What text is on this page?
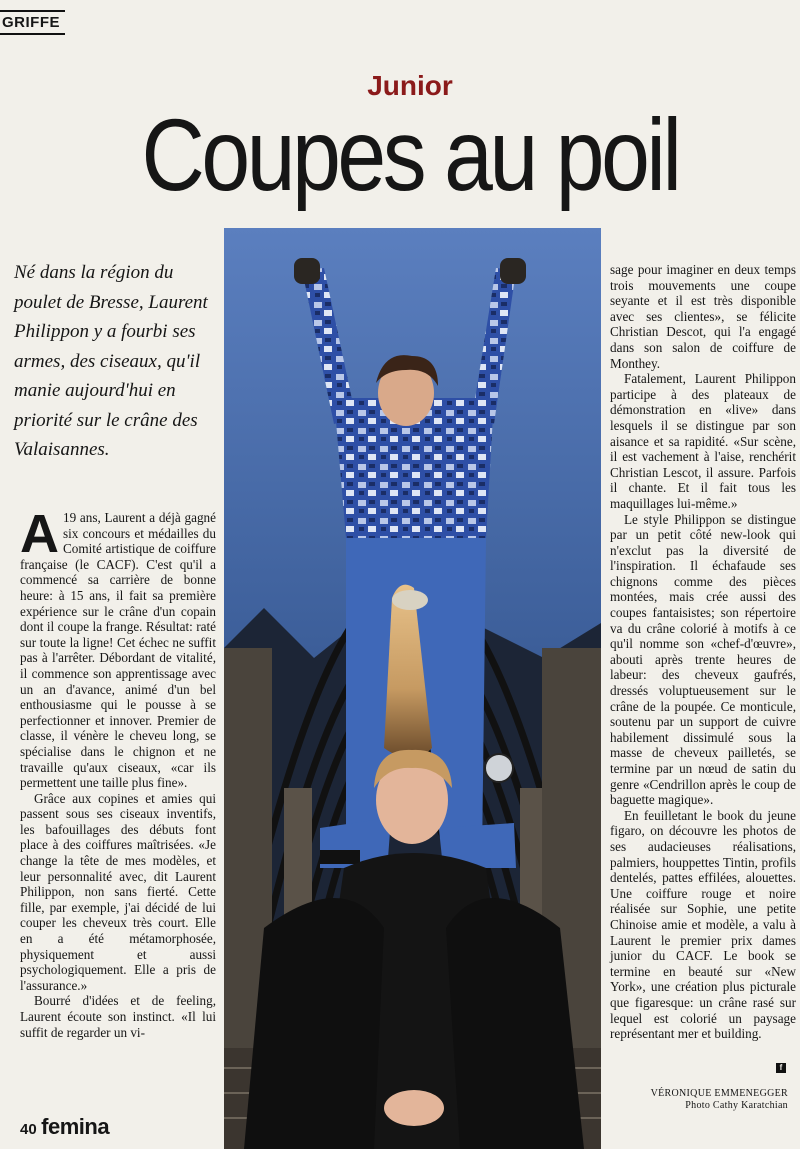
GRIFFE
Junior
Coupes au poil
Né dans la région du poulet de Bresse, Laurent Philippon y a fourbi ses armes, des ciseaux, qu'il manie aujourd'hui en priorité sur le crâne des Valaisannes.

A 19 ans, Laurent a déjà gagné six concours et médailles du Comité artistique de coiffure française (le CACF). C'est qu'il a commencé sa carrière de bonne heure: à 15 ans, il fait sa première expérience sur le crâne d'un copain dont il coupe la frange. Résultat: raté sur toute la ligne! Cet échec ne suffit pas à l'arrêter. Débordant de vitalité, il commence son apprentissage avec un an d'avance, animé d'un bel enthousiasme qui le pousse à se perfectionner et innover. Premier de classe, il vénère le cheveu long, se spécialise dans le chignon et ne travaille qu'aux ciseaux, «car ils permettent une taille plus fine».

Grâce aux copines et amies qui passent sous ses ciseaux inventifs, les bafouillages des débuts font place à des coiffures maîtrisées. «Je change la tête de mes modèles, et leur personnalité avec, dit Laurent Philippon, non sans fierté. Cette fille, par exemple, j'ai décidé de lui couper les cheveux très court. Elle en a été métamorphosée, physiquement et aussi psychologiquement. Elle a pris de l'assurance.»

Bourré d'idées et de feeling, Laurent écoute son instinct. «Il lui suffit de regarder un vi-

sage pour imaginer en deux temps trois mouvements une coupe seyante et il est très disponible avec ses clientes», se félicite Christian Descot, qui l'a engagé dans son salon de coiffure de Monthey.

Fatalement, Laurent Philippon participe à des plateaux de démonstration en «live» dans lesquels il se distingue par son aisance et sa rapidité. «Sur scène, il est vachement à l'aise, renchérit Christian Lescot, il assure. Parfois il chante. Et il fait tous les maquillages lui-même.»

Le style Philippon se distingue par un petit côté new-look qui n'exclut pas la diversité de l'inspiration. Il échafaude ses chignons comme des pièces montées, mais crée aussi des coupes fantaisistes; son répertoire va du crâne colorié à motifs à ce qu'il nomme son «chef-d'œuvre», abouti après trente heures de labeur: des cheveux gaufrés, dressés voluptueusement sur le crâne de la poupée. Ce monticule, soutenu par un support de cuivre habilement dissimulé sous la masse de cheveux pailletés, se termine par un nœud de satin du genre «Cendrillon après le coup de baguette magique».

En feuilletant le book du jeune figaro, on découvre les photos de ses audacieuses réalisations, palmiers, houppettes Tintin, profils dentelés, pattes effilées, alouettes. Une coiffure rouge et noire réalisée sur Sophie, une petite Chinoise amie et modèle, a valu à Laurent le premier prix dames junior du CACF. Le book se termine en beauté sur «New York», une création plus picturale que figaresque: un crâne rasé sur lequel est colorié un paysage représentant mer et building.

f
VÉRONIQUE EMMENEGGER
Photo Cathy Karatchian
40 femina
